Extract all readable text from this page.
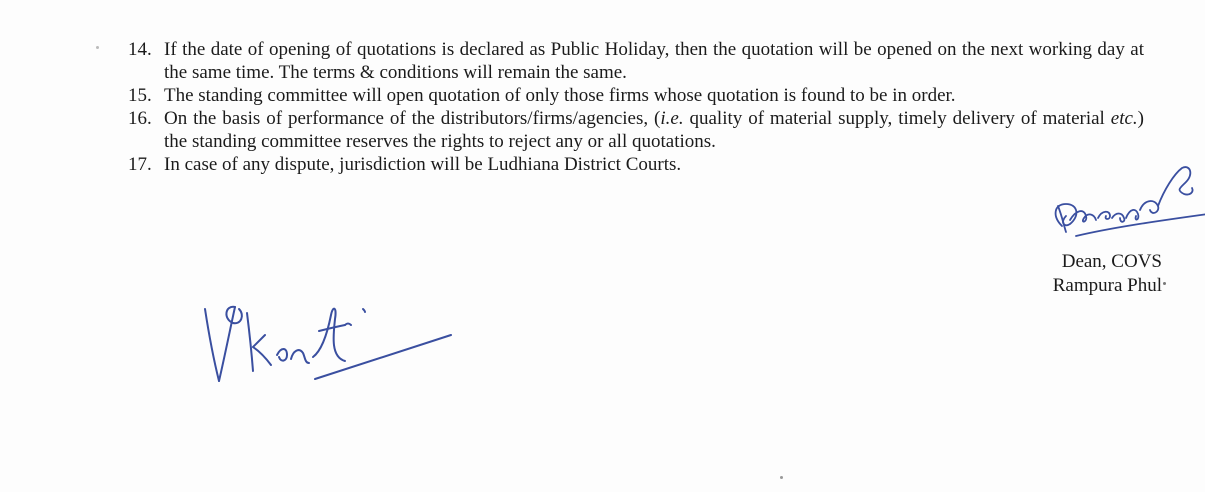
14. If the date of opening of quotations is declared as Public Holiday, then the quotation will be opened on the next working day at the same time. The terms & conditions will remain the same.
15. The standing committee will open quotation of only those firms whose quotation is found to be in order.
16. On the basis of performance of the distributors/firms/agencies, (i.e. quality of material supply, timely delivery of material etc.) the standing committee reserves the rights to reject any or all quotations.
17. In case of any dispute, jurisdiction will be Ludhiana District Courts.
Dean, COVS
Rampura Phul
